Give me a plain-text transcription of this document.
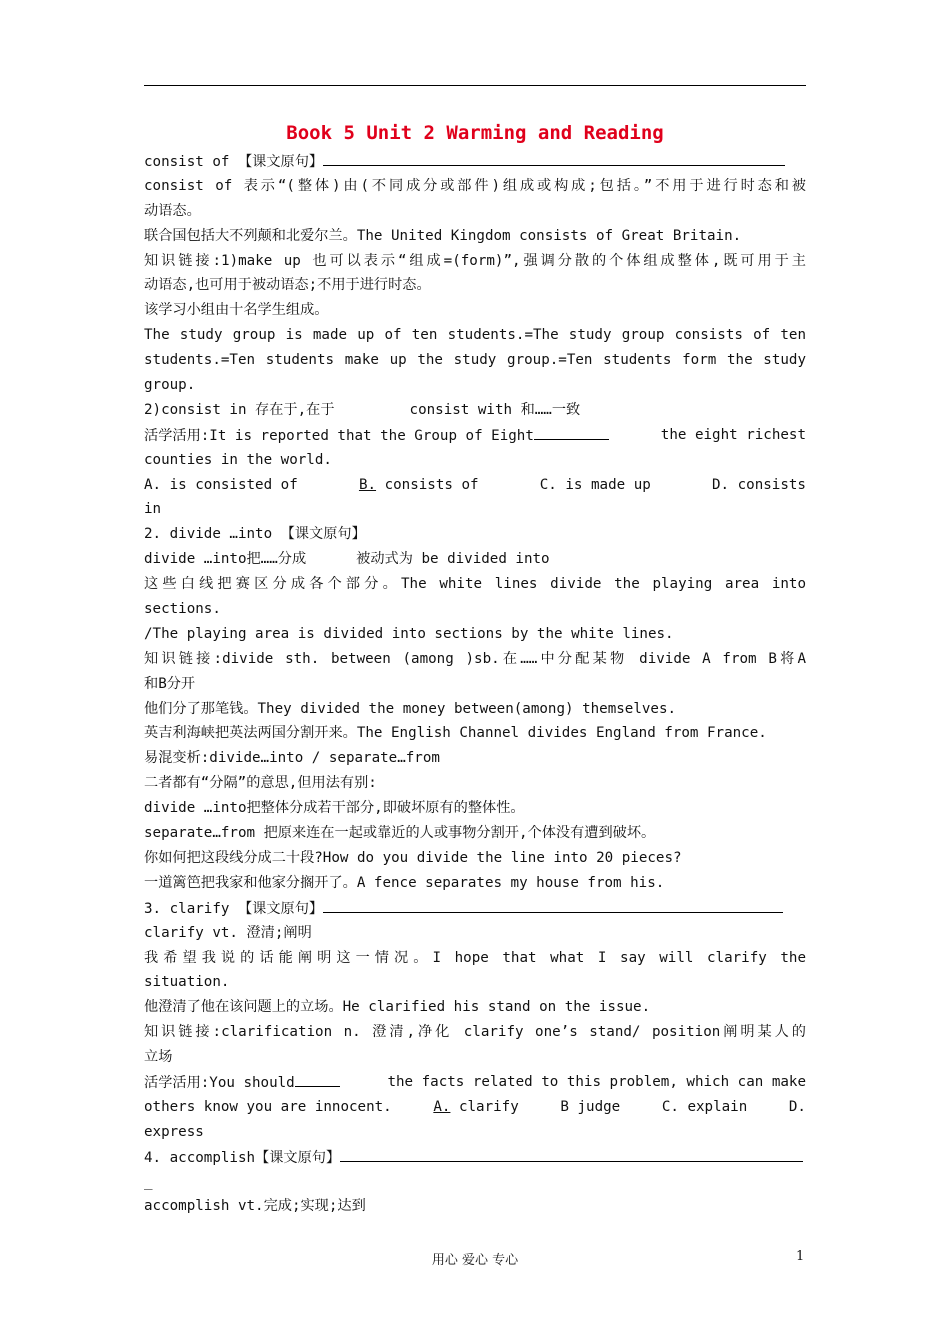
Book 5 Unit 2 Warming and Reading
consist of 【课文原句】
consist of 表示“(整体)由(不同成分或部件)组成或构成;包括。”不用于进行时态和被
动语态。
联合国包括大不列颠和北爱尔兰。The United Kingdom consists of Great Britain.
知识链接:1)make up 也可以表示“组成=(form)”,强调分散的个体组成整体,既可用于主
动语态,也可用于被动语态;不用于进行时态。
该学习小组由十名学生组成。
The study group is made up of ten students.=The study group consists of ten
students.=Ten students make up the study group.=Ten students form the study
group.
2)consist in 存在于,在于	consist with 和……一致
活学活用:It is reported that the Group of Eight	the eight richest
counties in the world.
A. is consisted of	B. consists of	C. is made up	D. consists
in
2. divide …into 【课文原句】
divide …into把……分成	被动式为 be divided into
这些白线把赛区分成各个部分。The white lines divide the playing area into
sections.
/The playing area is divided into sections by the white lines.
知识链接:divide sth. between (among )sb.在……中分配某物 divide A from B将A
和B分开
他们分了那笔钱。They divided the money between(among) themselves.
英吉利海峡把英法两国分割开来。The English Channel divides England from France.
易混变析:divide…into / separate…from
二者都有“分隔”的意思,但用法有别:
divide …into把整体分成若干部分,即破坏原有的整体性。
separate…from 把原来连在一起或靠近的人或事物分割开,个体没有遭到破坏。
你如何把这段线分成二十段?How do you divide the line into 20 pieces?
一道篱笆把我家和他家分搁开了。A fence separates my house from his.
3. clarify 【课文原句】
clarify vt. 澄清;阐明
我希望我说的话能阐明这一情况。I hope that what I say will clarify the
situation.
他澄清了他在该问题上的立场。He clarified his stand on the issue.
知识链接:clarification n. 澄清,净化 clarify one’s stand/ position阐明某人的
立场
活学活用:You should	the facts related to this problem, which can make
others know you are innocent.	A. clarify	B judge	C. explain	D.
express
4. accomplish【课文原句】
_
accomplish vt.完成;实现;达到
用心 爱心 专心	1
